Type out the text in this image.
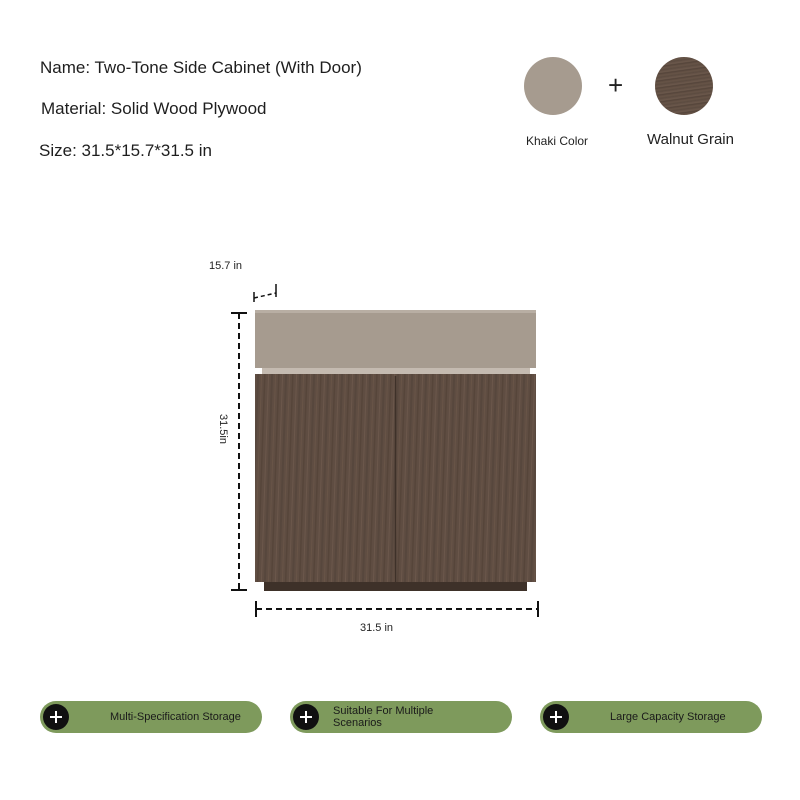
Name: Two-Tone Side Cabinet (With Door)
Material: Solid Wood Plywood
Size: 31.5*15.7*31.5 in
+
Khaki Color	Walnut Grain
15.7 in
31.5in
31.5 in
Multi-Specification Storage	Suitable For Multiple Scenarios	Large Capacity Storage
